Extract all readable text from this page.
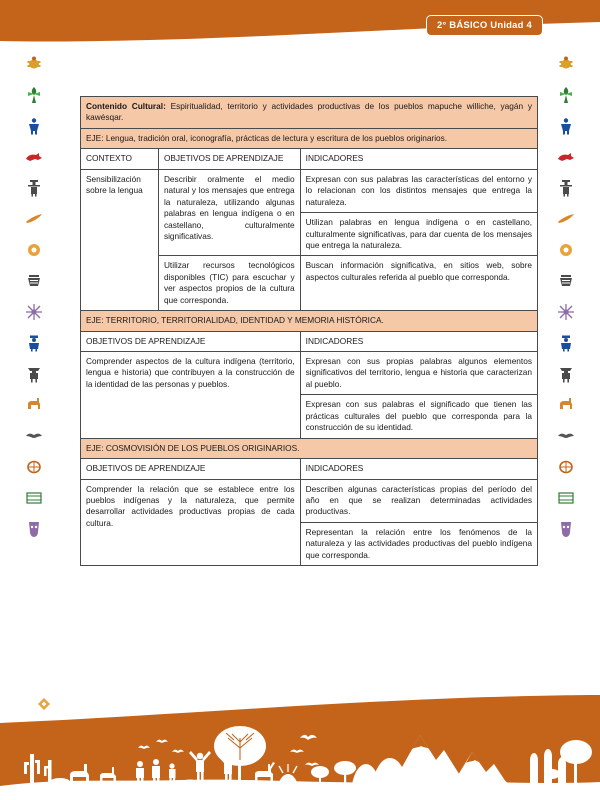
2° BÁSICO Unidad 4
Contenido Cultural: Espiritualidad, territorio y actividades productivas de los pueblos mapuche williche, yagán y kawésqar.		
EJE: Lengua, tradición oral, iconografía, prácticas de lectura y escritura de los pueblos originarios.		
CONTEXTO	OBJETIVOS DE APRENDIZAJE	INDICADORES
Sensibilización sobre la lengua	Describir oralmente el medio natural y los mensajes que entrega la naturaleza, utilizando algunas palabras en lengua indígena o en castellano, culturalmente significativas.	Expresan con sus palabras las características del entorno y lo relacionan con los distintos mensajes que entrega la naturaleza.
		Utilizan palabras en lengua indígena o en castellano, culturalmente significativas, para dar cuenta de los mensajes que entrega la naturaleza.
	Utilizar recursos tecnológicos disponibles (TIC) para escuchar y ver aspectos propios de la cultura que corresponda.	Buscan información significativa, en sitios web, sobre aspectos culturales referida al pueblo que corresponda.
EJE: TERRITORIO, TERRITORIALIDAD, IDENTIDAD Y MEMORIA HISTÓRICA.		
OBJETIVOS DE APRENDIZAJE		INDICADORES
Comprender aspectos de la cultura indígena (territorio, lengua e historia) que contribuyen a la construcción de la identidad de las personas y pueblos.		Expresan con sus propias palabras algunos elementos significativos del territorio, lengua e historia que caracterizan al pueblo.
		Expresan con sus palabras el significado que tienen las prácticas culturales del pueblo que corresponda para la construcción de su identidad.
EJE: COSMOVISIÓN DE LOS PUEBLOS ORIGINARIOS.		
OBJETIVOS DE APRENDIZAJE		INDICADORES
Comprender la relación que se establece entre los pueblos indígenas y la naturaleza, que permite desarrollar actividades productivas propias de cada cultura.		Describen algunas características propias del período del año en que se realizan determinadas actividades productivas.
		Representan la relación entre los fenómenos de la naturaleza y las actividades productivas del pueblo indígena que corresponda.
